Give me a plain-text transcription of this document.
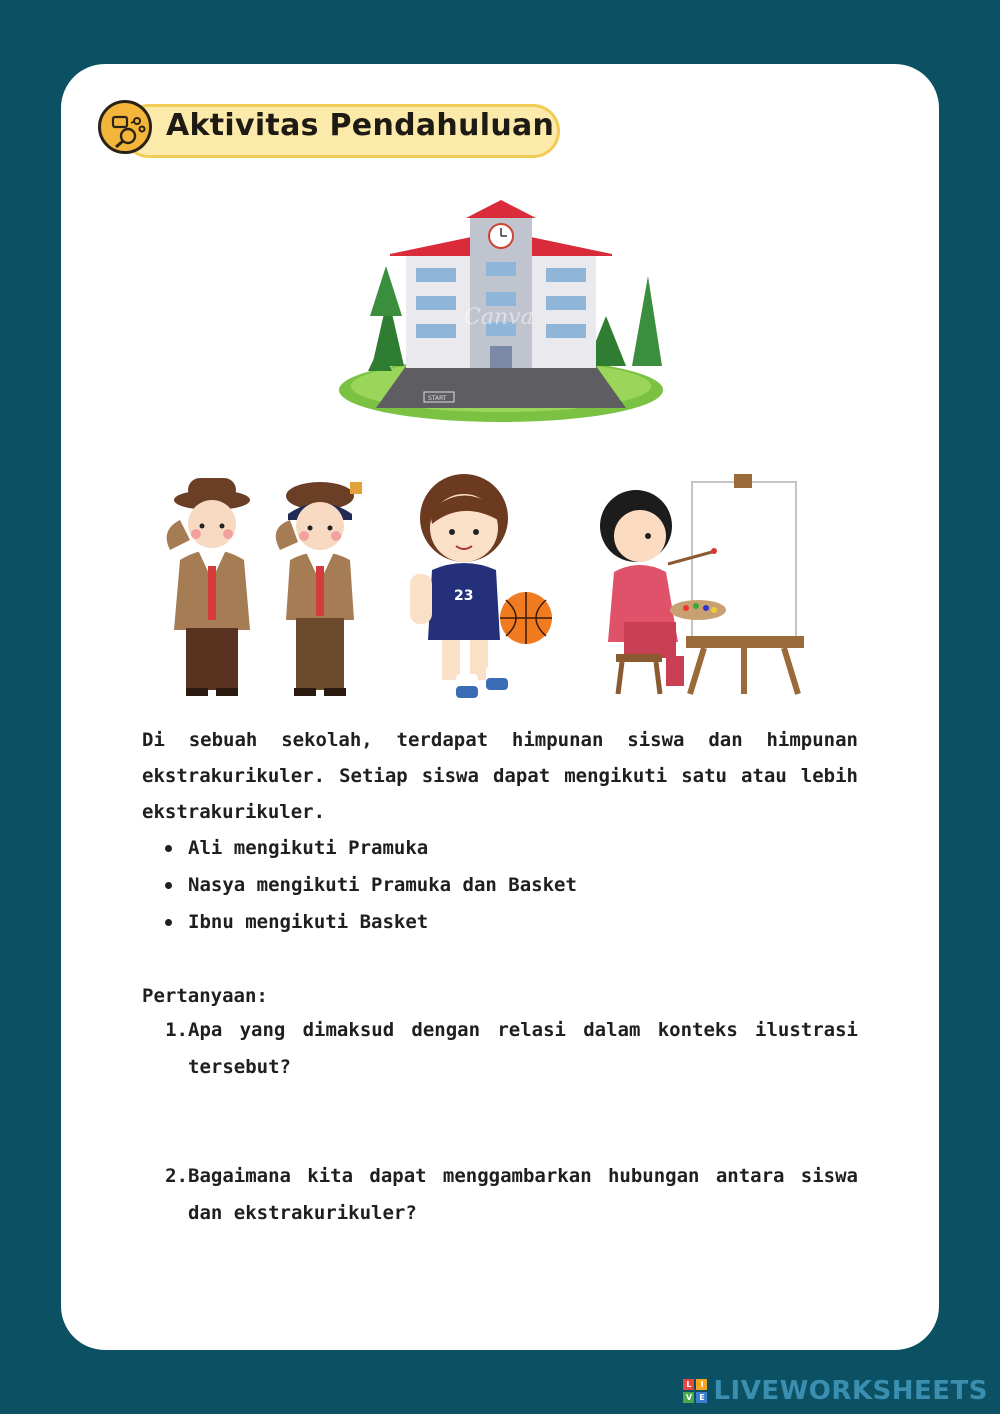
Aktivitas Pendahuluan
START
Canva
23

Di sebuah sekolah, terdapat himpunan siswa dan himpunan ekstrakurikuler. Setiap siswa dapat mengikuti satu atau lebih ekstrakurikuler.

Ali mengikuti Pramuka
Nasya mengikuti Pramuka dan Basket
Ibnu mengikuti Basket
Pertanyaan:
1. Apa yang dimaksud dengan relasi dalam konteks ilustrasi tersebut?
2. Bagaimana kita dapat menggambarkan hubungan antara siswa dan ekstrakurikuler?
L	I
V E LIVEWORKSHEETS
